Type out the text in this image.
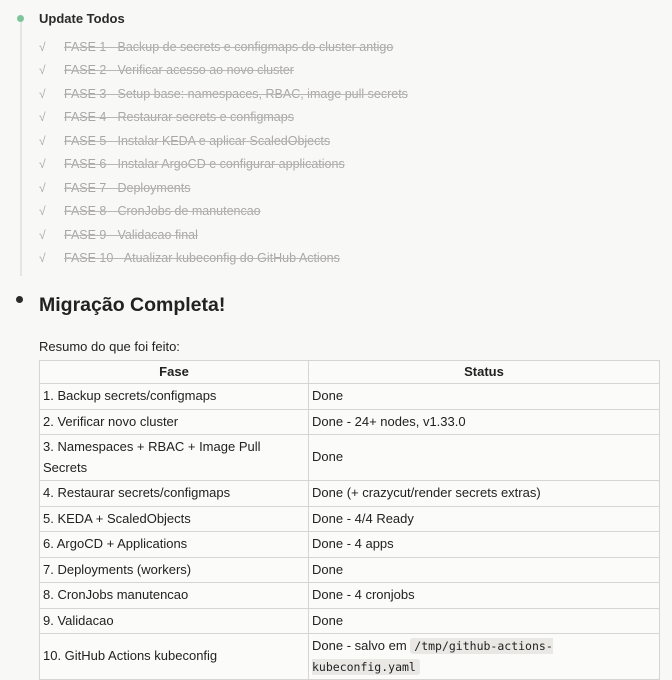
Update Todos
√	FASE 1 - Backup de secrets e configmaps do cluster antigo
√	FASE 2 - Verificar acesso ao novo cluster
√	FASE 3 - Setup base: namespaces, RBAC, image pull secrets
√	FASE 4 - Restaurar secrets e configmaps
√	FASE 5 - Instalar KEDA e aplicar ScaledObjects
√	FASE 6 - Instalar ArgoCD e configurar applications
√	FASE 7 - Deployments
√	FASE 8 - CronJobs de manutencao
√	FASE 9 - Validacao final
√	FASE 10 - Atualizar kubeconfig do GitHub Actions
Migração Completa!
Resumo do que foi feito:
Fase	Status
1. Backup secrets/configmaps	Done
2. Verificar novo cluster	Done - 24+ nodes, v1.33.0
3. Namespaces + RBAC + Image Pull Secrets	Done
4. Restaurar secrets/configmaps	Done (+ crazycut/render secrets extras)
5. KEDA + ScaledObjects	Done - 4/4 Ready
6. ArgoCD + Applications	Done - 4 apps
7. Deployments (workers)	Done
8. CronJobs manutencao	Done - 4 cronjobs
9. Validacao	Done
10. GitHub Actions kubeconfig	Done - salvo em /tmp/github-actions-kubeconfig.yaml
